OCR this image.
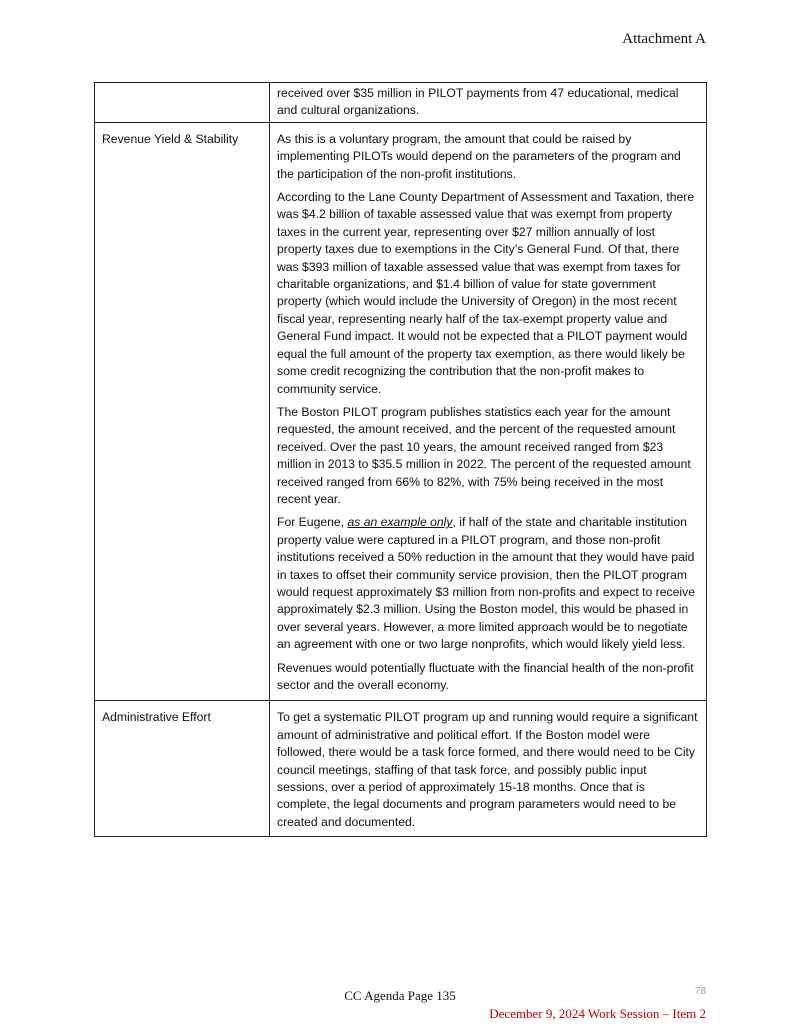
Attachment A

	received over $35 million in PILOT payments from 47 educational, medical and cultural organizations.

Revenue Yield & Stability	As this is a voluntary program, the amount that could be raised by implementing PILOTs would depend on the parameters of the program and the participation of the non-profit institutions.

According to the Lane County Department of Assessment and Taxation, there was $4.2 billion of taxable assessed value that was exempt from property taxes in the current year, representing over $27 million annually of lost property taxes due to exemptions in the City’s General Fund. Of that, there was $393 million of taxable assessed value that was exempt from taxes for charitable organizations, and $1.4 billion of value for state government property (which would include the University of Oregon) in the most recent fiscal year, representing nearly half of the tax-exempt property value and General Fund impact. It would not be expected that a PILOT payment would equal the full amount of the property tax exemption, as there would likely be some credit recognizing the contribution that the non-profit makes to community service.

The Boston PILOT program publishes statistics each year for the amount requested, the amount received, and the percent of the requested amount received. Over the past 10 years, the amount received ranged from $23 million in 2013 to $35.5 million in 2022. The percent of the requested amount received ranged from 66% to 82%, with 75% being received in the most recent year.

For Eugene, as an example only, if half of the state and charitable institution property value were captured in a PILOT program, and those non-profit institutions received a 50% reduction in the amount that they would have paid in taxes to offset their community service provision, then the PILOT program would request approximately $3 million from non-profits and expect to receive approximately $2.3 million. Using the Boston model, this would be phased in over several years. However, a more limited approach would be to negotiate an agreement with one or two large nonprofits, which would likely yield less.

Revenues would potentially fluctuate with the financial health of the non-profit sector and the overall economy.

Administrative Effort	To get a systematic PILOT program up and running would require a significant amount of administrative and political effort. If the Boston model were followed, there would be a task force formed, and there would need to be City council meetings, staffing of that task force, and possibly public input sessions, over a period of approximately 15-18 months. Once that is complete, the legal documents and program parameters would need to be created and documented.

CC Agenda Page 135	78
December 9, 2024 Work Session – Item 2
